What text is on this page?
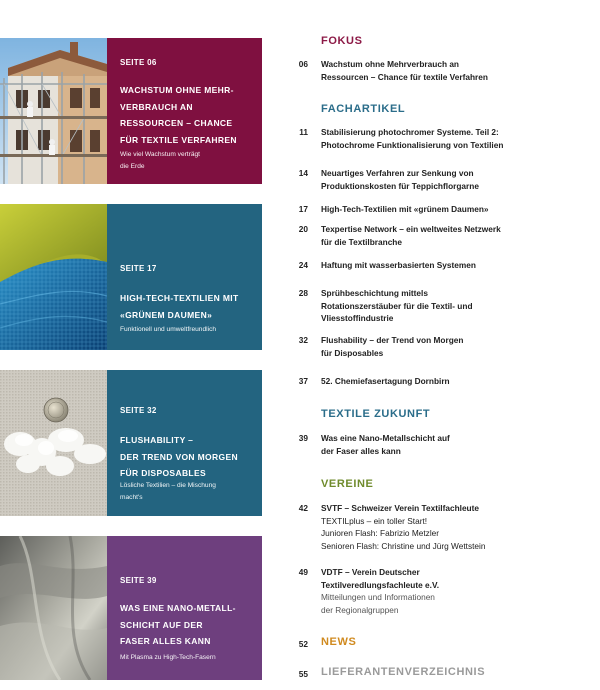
SEITE 06
WACHSTUM OHNE MEHR-
VERBRAUCH AN
RESSOURCEN – CHANCE
FÜR TEXTILE VERFAHREN
Wie viel Wachstum verträgt
die Erde
SEITE 17
HIGH-TECH-TEXTILIEN MIT
«GRÜNEM DAUMEN»
Funktionell und umweltfreundlich
SEITE 32
FLUSHABILITY –
DER TREND VON MORGEN
FÜR DISPOSABLES
Lösliche Textilien – die Mischung
macht's
SEITE 39
WAS EINE NANO-METALL-
SCHICHT AUF DER
FASER ALLES KANN
Mit Plasma zu High-Tech-Fasern
FOKUS
06 Wachstum ohne Mehrverbrauch an
Ressourcen – Chance für textile Verfahren
FACHARTIKEL
11 Stabilisierung photochromer Systeme. Teil 2:
Photochrome Funktionalisierung von Textilien
14 Neuartiges Verfahren zur Senkung von
Produktionskosten für Teppichflorgarne
17 High-Tech-Textilien mit «grünem Daumen»
20 Texpertise Network – ein weltweites Netzwerk
für die Textilbranche
24 Haftung mit wasserbasierten Systemen
28 Sprühbeschichtung mittels
Rotationszerstäuber für die Textil- und
Vliesstoffindustrie
32 Flushability – der Trend von Morgen
für Disposables
37 52. Chemiefasertagung Dornbirn
TEXTILE ZUKUNFT
39 Was eine Nano-Metallschicht auf
der Faser alles kann
VEREINE
42 SVTF – Schweizer Verein Textilfachleute
TEXTILplus – ein toller Start!
Junioren Flash: Fabrizio Metzler
Senioren Flash: Christine und Jürg Wettstein
49 VDTF – Verein Deutscher
Textilveredlungsfachleute e.V.
Mitteilungen und Informationen
der Regionalgruppen
52 NEWS
55 LIEFERANTENVERZEICHNIS
